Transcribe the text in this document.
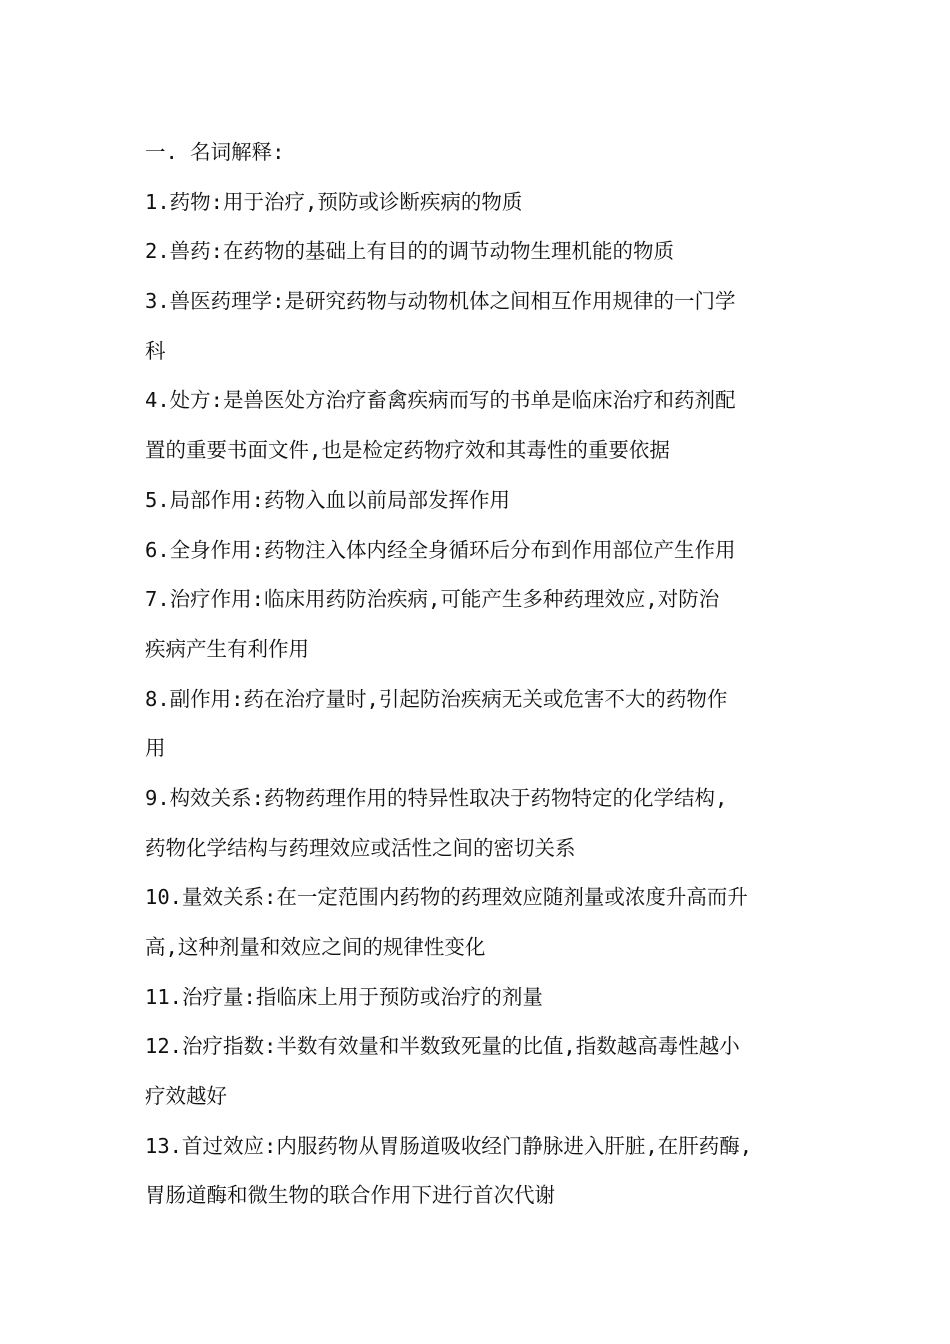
一. 名词解释:
1.药物:用于治疗,预防或诊断疾病的物质
2.兽药:在药物的基础上有目的的调节动物生理机能的物质
3.兽医药理学:是研究药物与动物机体之间相互作用规律的一门学
科
4.处方:是兽医处方治疗畜禽疾病而写的书单是临床治疗和药剂配
置的重要书面文件,也是检定药物疗效和其毒性的重要依据
5.局部作用:药物入血以前局部发挥作用
6.全身作用:药物注入体内经全身循环后分布到作用部位产生作用
7.治疗作用:临床用药防治疾病,可能产生多种药理效应,对防治
疾病产生有利作用
8.副作用:药在治疗量时,引起防治疾病无关或危害不大的药物作
用
9.构效关系:药物药理作用的特异性取决于药物特定的化学结构,
药物化学结构与药理效应或活性之间的密切关系
10.量效关系:在一定范围内药物的药理效应随剂量或浓度升高而升
高,这种剂量和效应之间的规律性变化
11.治疗量:指临床上用于预防或治疗的剂量
12.治疗指数:半数有效量和半数致死量的比值,指数越高毒性越小
疗效越好
13.首过效应:内服药物从胃肠道吸收经门静脉进入肝脏,在肝药酶,
胃肠道酶和微生物的联合作用下进行首次代谢
